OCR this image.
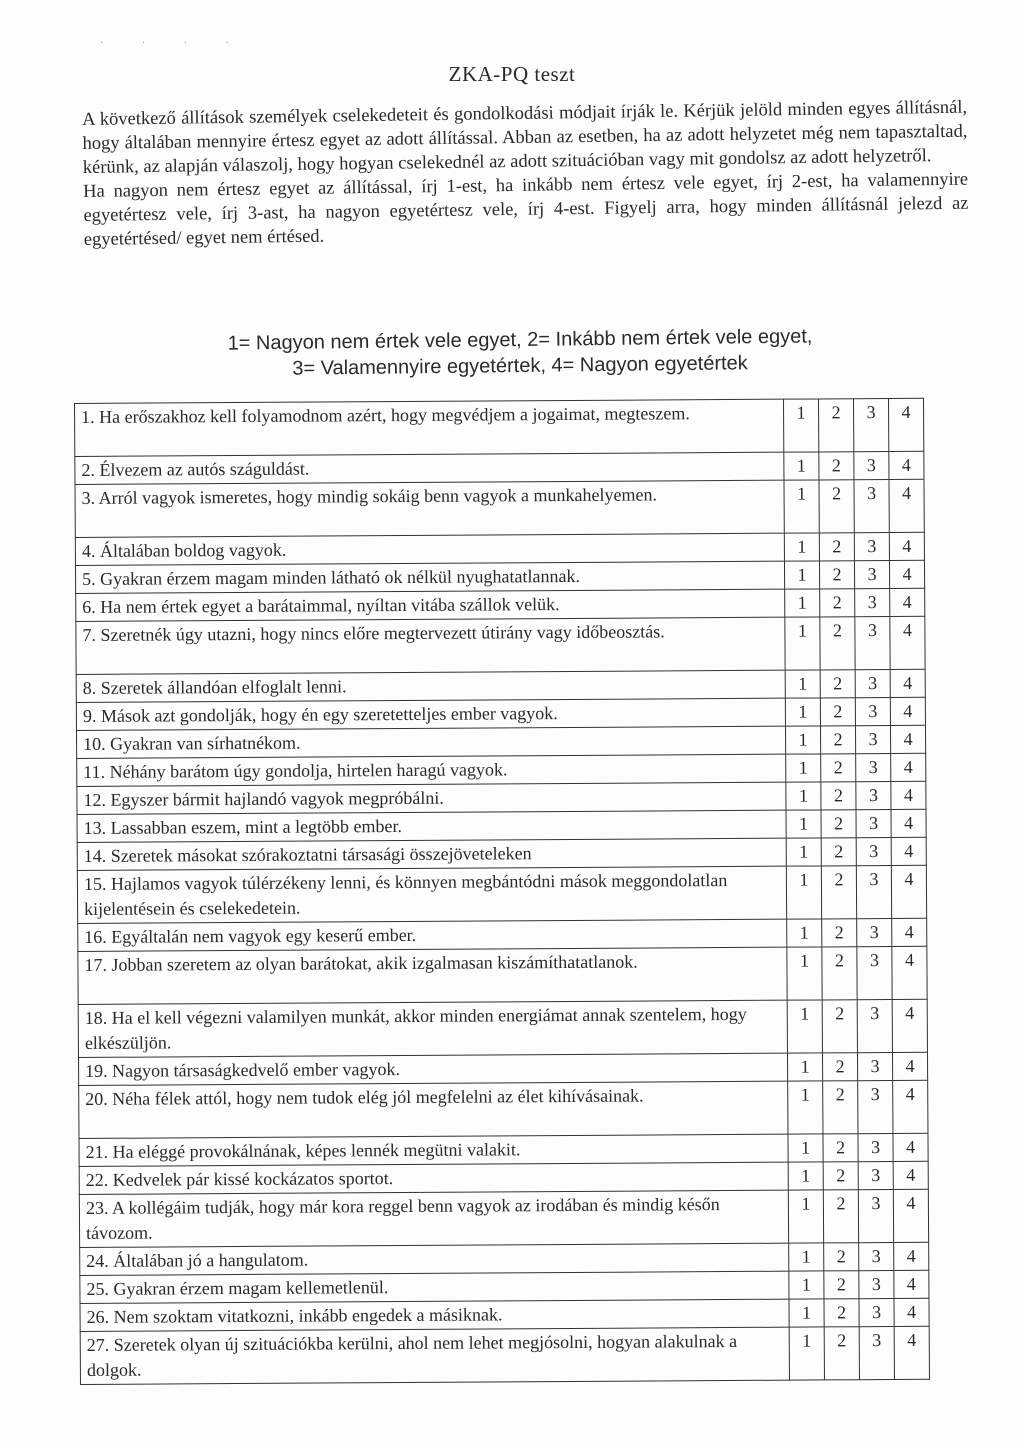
· · · ·
ZKA-PQ teszt

A következő állítások személyek cselekedeteit és gondolkodási módjait írják le. Kérjük jelöld minden egyes állításnál, hogy általában mennyire értesz egyet az adott állítással. Abban az esetben, ha az adott helyzetet még nem tapasztaltad, kérünk, az alapján válaszolj, hogy hogyan cselekednél az adott szituációban vagy mit gondolsz az adott helyzetről.

Ha nagyon nem értesz egyet az állítással, írj 1-est, ha inkább nem értesz vele egyet, írj 2-est, ha valamennyire egyetértesz vele, írj 3-ast, ha nagyon egyetértesz vele, írj 4-est. Figyelj arra, hogy minden állításnál jelezd az egyetértésed/ egyet nem értésed.

1= Nagyon nem értek vele egyet, 2= Inkább nem értek vele egyet,
3= Valamennyire egyetértek, 4= Nagyon egyetértek
1. Ha erőszakhoz kell folyamodnom azért, hogy megvédjem a jogaimat, megteszem.	1	2	3	4
2. Élvezem az autós száguldást.	1	2	3	4
3. Arról vagyok ismeretes, hogy mindig sokáig benn vagyok a munkahelyemen.	1	2	3	4
4. Általában boldog vagyok.	1	2	3	4
5. Gyakran érzem magam minden látható ok nélkül nyughatatlannak.	1	2	3	4
6. Ha nem értek egyet a barátaimmal, nyíltan vitába szállok velük.	1	2	3	4
7. Szeretnék úgy utazni, hogy nincs előre megtervezett útirány vagy időbeosztás.	1	2	3	4
8. Szeretek állandóan elfoglalt lenni.	1	2	3	4
9. Mások azt gondolják, hogy én egy szeretetteljes ember vagyok.	1	2	3	4
10. Gyakran van sírhatnékom.	1	2	3	4
11. Néhány barátom úgy gondolja, hirtelen haragú vagyok.	1	2	3	4
12. Egyszer bármit hajlandó vagyok megpróbálni.	1	2	3	4
13. Lassabban eszem, mint a legtöbb ember.	1	2	3	4
14. Szeretek másokat szórakoztatni társasági összejöveteleken	1	2	3	4
15. Hajlamos vagyok túlérzékeny lenni, és könnyen megbántódni mások meggondolatlan kijelentésein és cselekedetein.	1	2	3	4
16. Egyáltalán nem vagyok egy keserű ember.	1	2	3	4
17. Jobban szeretem az olyan barátokat, akik izgalmasan kiszámíthatatlanok.	1	2	3	4
18. Ha el kell végezni valamilyen munkát, akkor minden energiámat annak szentelem, hogy elkészüljön.	1	2	3	4
19. Nagyon társaságkedvelő ember vagyok.	1	2	3	4
20. Néha félek attól, hogy nem tudok elég jól megfelelni az élet kihívásainak.	1	2	3	4
21. Ha eléggé provokálnának, képes lennék megütni valakit.	1	2	3	4
22. Kedvelek pár kissé kockázatos sportot.	1	2	3	4
23. A kollégáim tudják, hogy már kora reggel benn vagyok az irodában és mindig későn távozom.	1	2	3	4
24. Általában jó a hangulatom.	1	2	3	4
25. Gyakran érzem magam kellemetlenül.	1	2	3	4
26. Nem szoktam vitatkozni, inkább engedek a másiknak.	1	2	3	4
27. Szeretek olyan új szituációkba kerülni, ahol nem lehet megjósolni, hogyan alakulnak a dolgok.	1	2	3	4
